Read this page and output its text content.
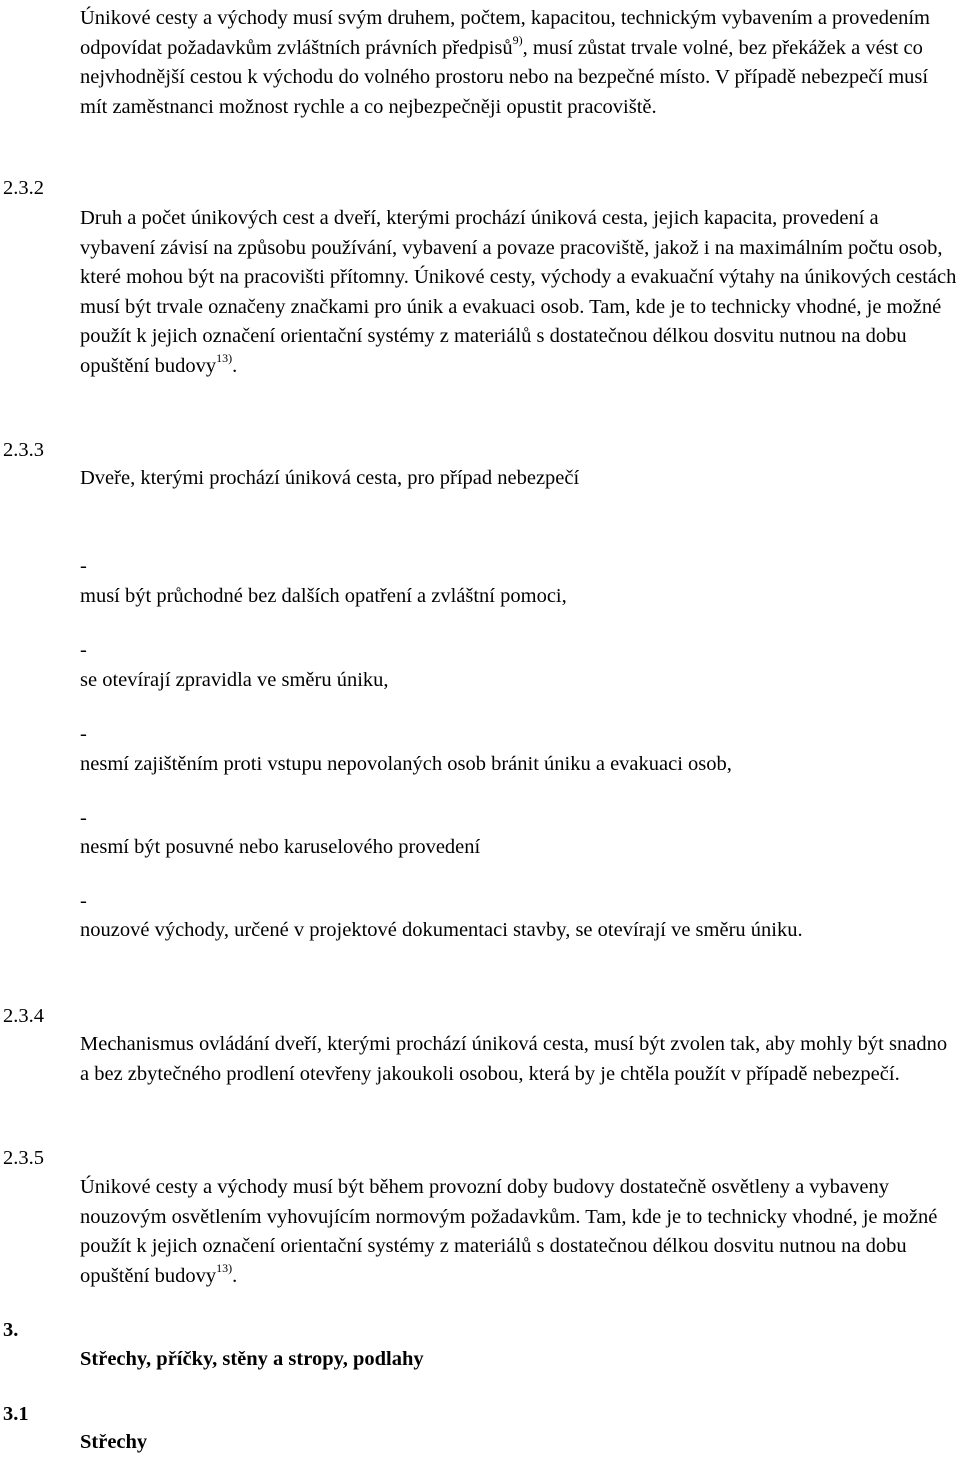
Únikové cesty a východy musí svým druhem, počtem, kapacitou, technickým vybavením a provedením odpovídat požadavkům zvláštních právních předpisů$^{9)}$, musí zůstat trvale volné, bez překážek a vést co nejvhodnější cestou k východu do volného prostoru nebo na bezpečné místo. V případě nebezpečí musí mít zaměstnanci možnost rychle a co nejbezpečněji opustit pracoviště.

2.3.2

Druh a počet únikových cest a dveří, kterými prochází úniková cesta, jejich kapacita, provedení a vybavení závisí na způsobu používání, vybavení a povaze pracoviště, jakož i na maximálním počtu osob, které mohou být na pracovišti přítomny. Únikové cesty, východy a evakuační výtahy na únikových cestách musí být trvale označeny značkami pro únik a evakuaci osob. Tam, kde je to technicky vhodné, je možné použít k jejich označení orientační systémy z materiálů s dostatečnou délkou dosvitu nutnou na dobu opuštění budovy$^{13)}$.

2.3.3

Dveře, kterými prochází úniková cesta, pro případ nebezpečí

-

musí být průchodné bez dalších opatření a zvláštní pomoci,

-

se otevírají zpravidla ve směru úniku,

-

nesmí zajištěním proti vstupu nepovolaných osob bránit úniku a evakuaci osob,

-

nesmí být posuvné nebo karuselového provedení

-

nouzové východy, určené v projektové dokumentaci stavby, se otevírají ve směru úniku.

2.3.4

Mechanismus ovládání dveří, kterými prochází úniková cesta, musí být zvolen tak, aby mohly být snadno a bez zbytečného prodlení otevřeny jakoukoli osobou, která by je chtěla použít v případě nebezpečí.

2.3.5

Únikové cesty a východy musí být během provozní doby budovy dostatečně osvětleny a vybaveny nouzovým osvětlením vyhovujícím normovým požadavkům. Tam, kde je to technicky vhodné, je možné použít k jejich označení orientační systémy z materiálů s dostatečnou délkou dosvitu nutnou na dobu opuštění budovy$^{13)}$.

3.

Střechy, příčky, stěny a stropy, podlahy

3.1

Střechy
